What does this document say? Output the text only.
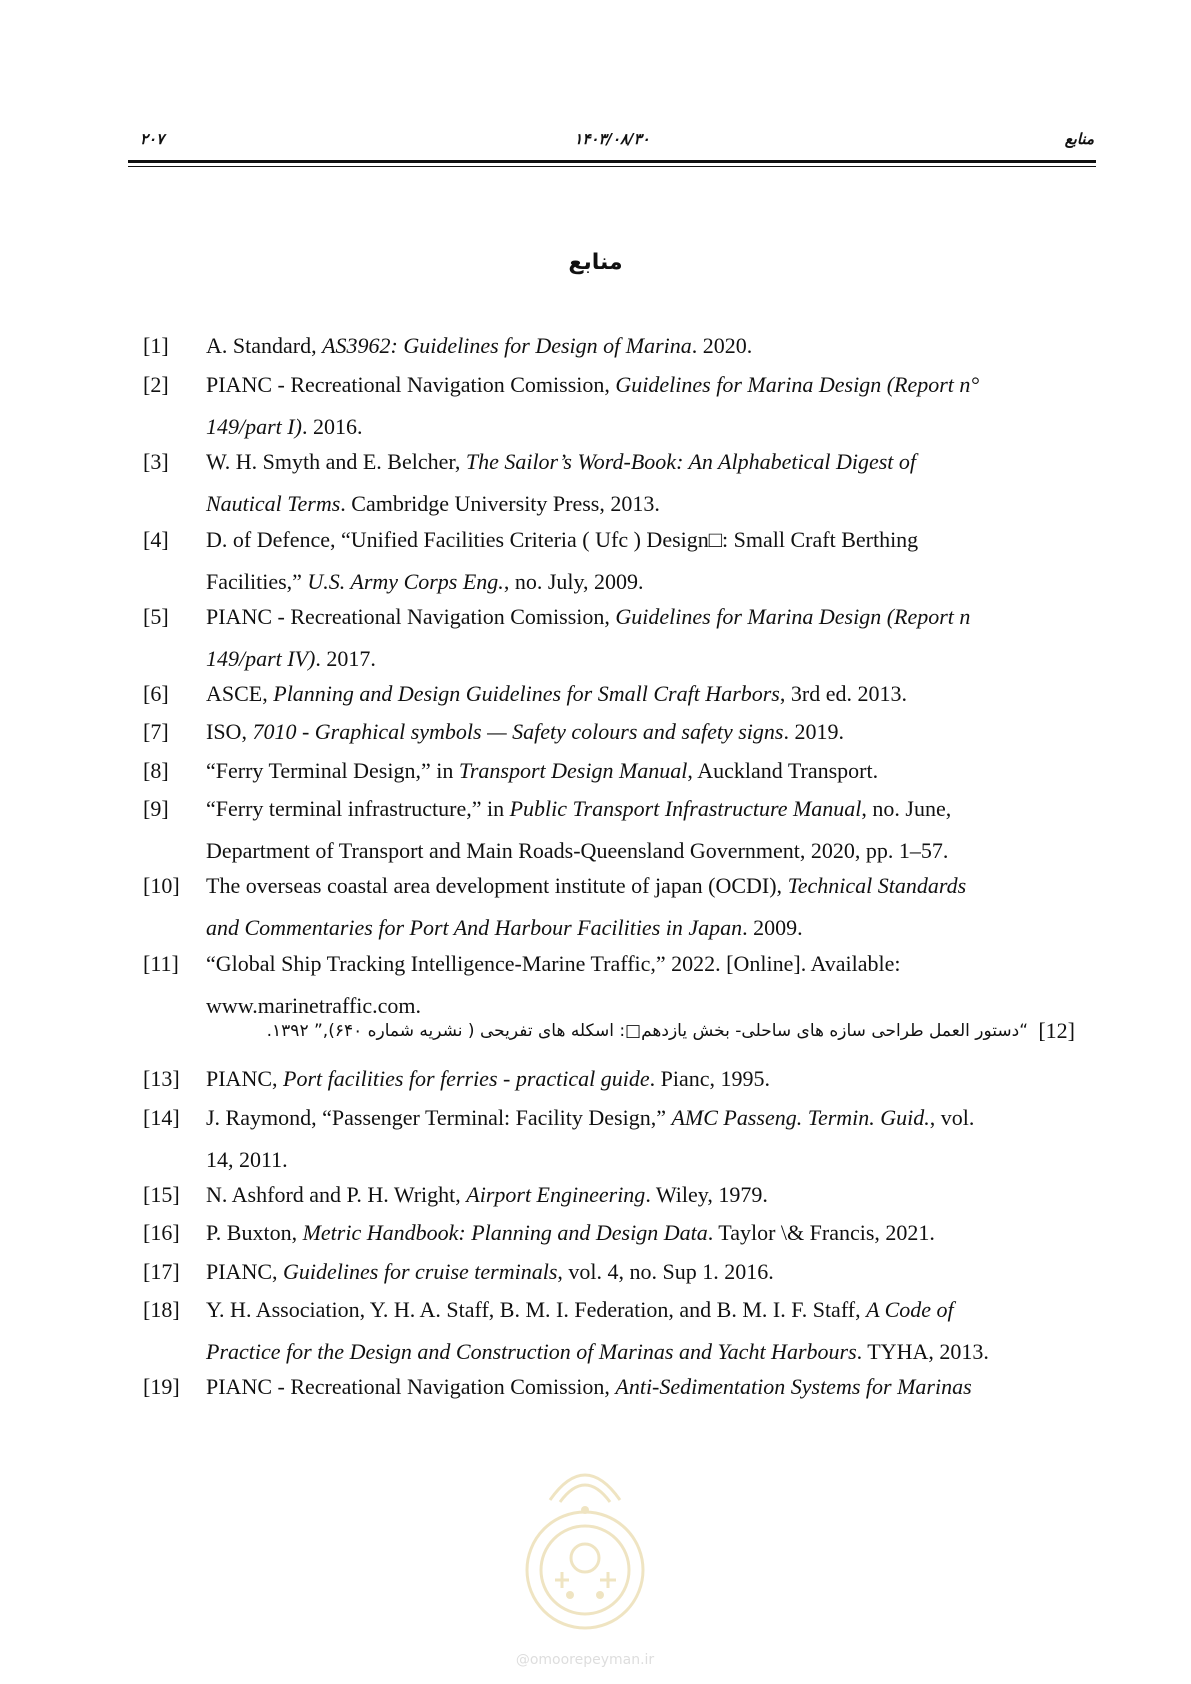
۲۰۷	۱۴۰۳/۰۸/۳۰	منابع
منابع
[1] A. Standard, AS3962: Guidelines for Design of Marina. 2020.
[2] PIANC - Recreational Navigation Comission, Guidelines for Marina Design (Report n°
149/part I). 2016.
[3] W. H. Smyth and E. Belcher, The Sailor’s Word-Book: An Alphabetical Digest of
Nautical Terms. Cambridge University Press, 2013.
[4] D. of Defence, “Unified Facilities Criteria ( Ufc ) Design□: Small Craft Berthing
Facilities,” U.S. Army Corps Eng., no. July, 2009.
[5] PIANC - Recreational Navigation Comission, Guidelines for Marina Design (Report n
149/part IV). 2017.
[6] ASCE, Planning and Design Guidelines for Small Craft Harbors, 3rd ed. 2013.
[7] ISO, 7010 - Graphical symbols — Safety colours and safety signs. 2019.
[8] “Ferry Terminal Design,” in Transport Design Manual, Auckland Transport.
[9] “Ferry terminal infrastructure,” in Public Transport Infrastructure Manual, no. June,
Department of Transport and Main Roads-Queensland Government, 2020, pp. 1–57.
[10] The overseas coastal area development institute of japan (OCDI), Technical Standards
and Commentaries for Port And Harbour Facilities in Japan. 2009.
[11] “Global Ship Tracking Intelligence-Marine Traffic,” 2022. [Online]. Available:
www.marinetraffic.com.
[12]
“دستور العمل طراحی سازه های ساحلی- بخش یازدهم□: اسکله های تفریحی ( نشریه شماره ۶۴۰),” ۱۳۹۲.
[13] PIANC, Port facilities for ferries - practical guide. Pianc, 1995.
[14] J. Raymond, “Passenger Terminal: Facility Design,” AMC Passeng. Termin. Guid., vol.
14, 2011.
[15] N. Ashford and P. H. Wright, Airport Engineering. Wiley, 1979.
[16] P. Buxton, Metric Handbook: Planning and Design Data. Taylor \& Francis, 2021.
[17] PIANC, Guidelines for cruise terminals, vol. 4, no. Sup 1. 2016.
[18] Y. H. Association, Y. H. A. Staff, B. M. I. Federation, and B. M. I. F. Staff, A Code of
Practice for the Design and Construction of Marinas and Yacht Harbours. TYHA, 2013.
[19] PIANC - Recreational Navigation Comission, Anti-Sedimentation Systems for Marinas
@omoorepeyman.ir
